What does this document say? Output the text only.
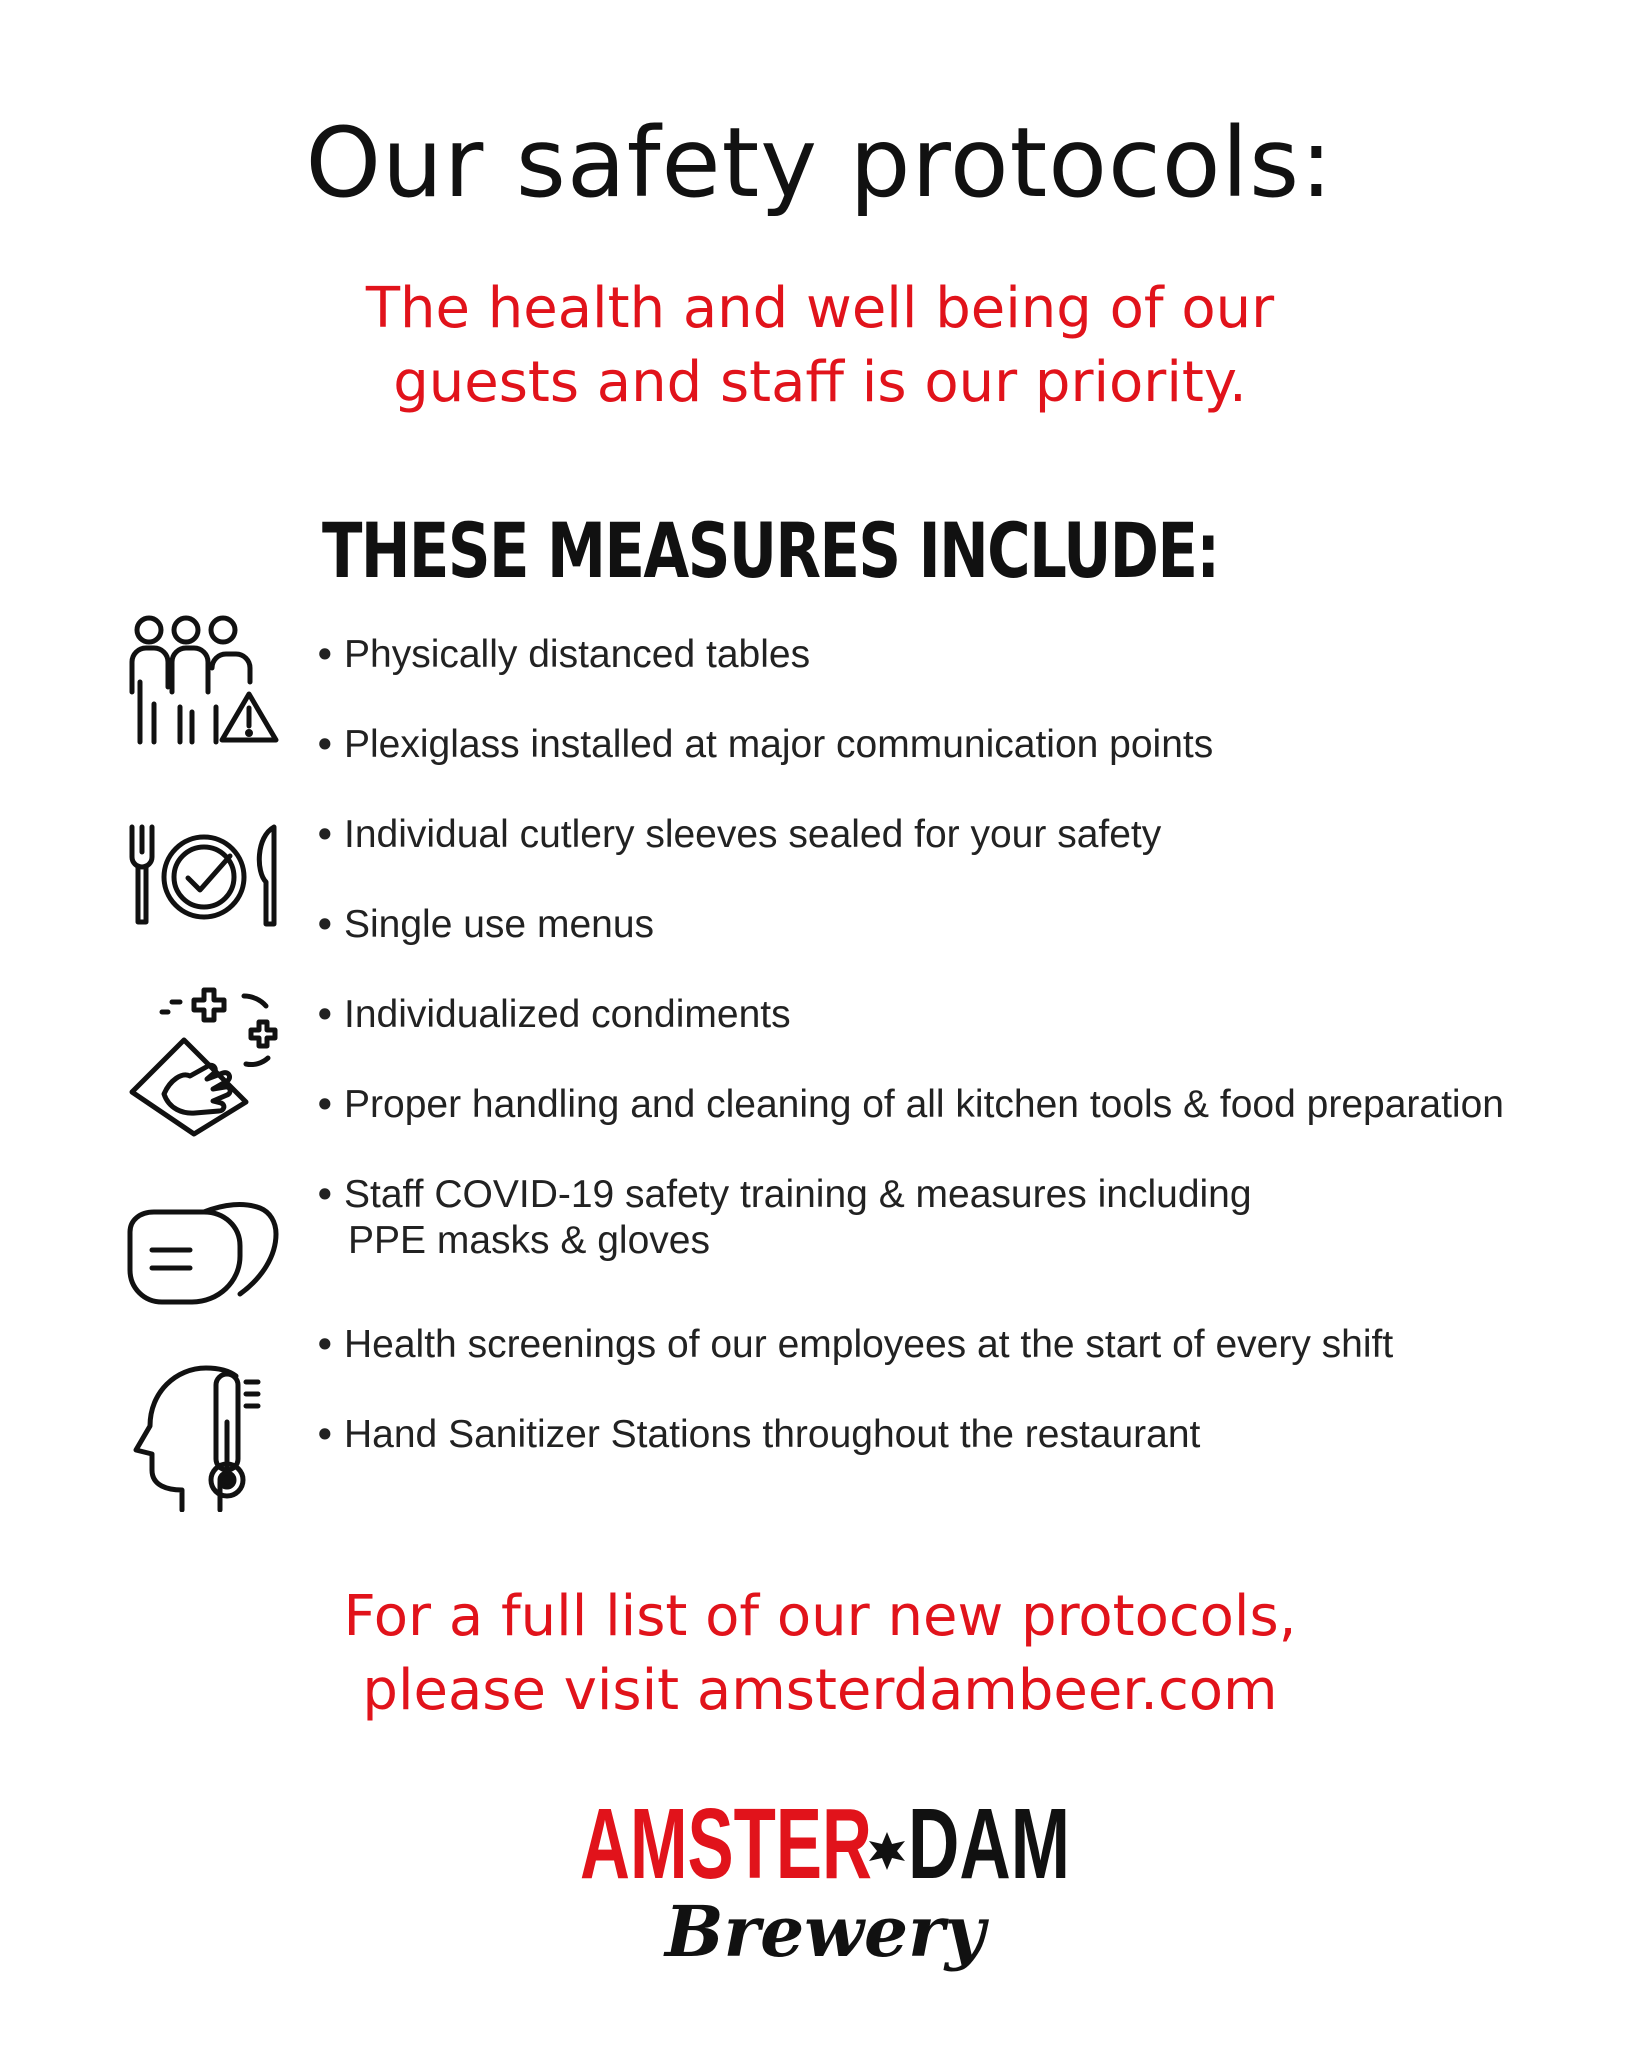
Our safety protocols:
The health and well being of our
guests and staff is our priority.
THESE MEASURES INCLUDE:
• Physically distanced tables
• Plexiglass installed at major communication points
• Individual cutlery sleeves sealed for your safety
• Single use menus
• Individualized condiments
• Proper handling and cleaning of all kitchen tools & food preparation
• Staff COVID-19 safety training & measures including
PPE masks & gloves
• Health screenings of our employees at the start of every shift
• Hand Sanitizer Stations throughout the restaurant
For a full list of our new protocols,
please visit amsterdambeer.com
AMSTER DAM
Brewery
